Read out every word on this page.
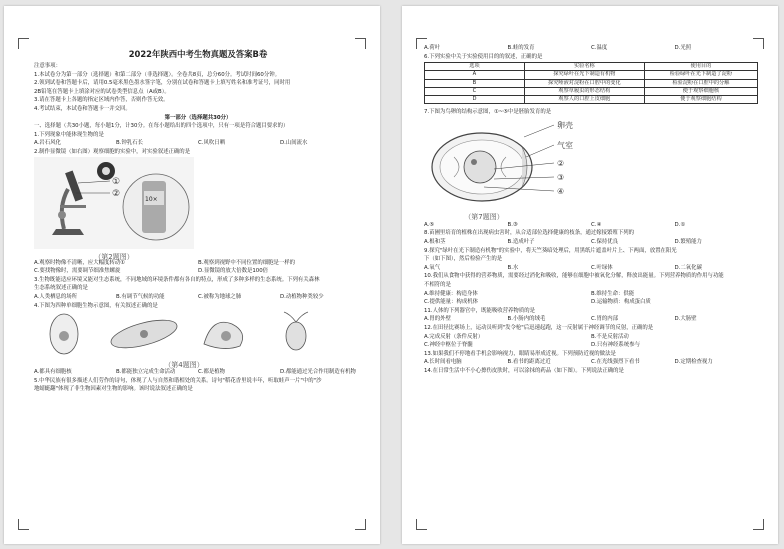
2022年陕西中考生物真题及答案B卷
注意事项：
1.本试卷分为第一部分（选择题）和第二部分（非选择题）。全卷共8页，总分60分。考试时间60分钟。
2.领到试卷和答题卡后，请用0.5毫米黑色墨水签字笔，分别在试卷和答题卡上填写姓名和准考证号，同时用
2B铅笔在答题卡上填涂对应的试卷类型信息点（A或B）。
3.请在答题卡上各题的指定区域内作答，否则作答无效。
4.考试结束，本试卷和答题卡一并交回。
第一部分（选择题共30分）
一、选择题（共30小题，每小题1分，计30分。在每小题给出的四个选项中，只有一项是符合题目要求的）
1.下列现象中能体现生物的是
A.岩石风化	B.钟乳石长	C.风吹日晒	D.山间流水
2.制作显微镜（如右图）观察细胞的实验中，对实验叙述正确的是
①
②
10×
（第2题图）
A.观察时物像不清晰，应大幅度转动①	B.观察到视野中不同位置的细胞是一样的
C.要找物像时，需要调节细准焦螺旋	D.显微镜的放大倍数是100倍
3.生物既能适应环境又能对生态系统，不同地域的环境条件都有各自的特点，形成了多种多样的生态系统。下列有关森林
生态系统叙述正确的是
A.人类栖息的场所	B.有调节气候的功能	C.被称为地球之肺	D.动植物种类较少
4.下图为四种单细胞生物示意图，有关叙述正确的是
（第4题图）
A.都具有细胞核	B.都能独立完成生命活动	C.都是植物	D.都能通过光合作用制造有机物
5.中华民族有很多描述人们劳作的诗句，体现了人与自然和谐相处的关系。诗句"稻花香里说丰年，听取蛙声一片"中的"沙
地蜻蜓翻"体现了非生物因素对生物的影响。该时说法叙述正确的是
A.荷叶	B.蛙的发育	C.温度	D.光照
6.下列实验中关于实验使用目的的叙述，正确的是
选项	实验名称	使用目的
A	探究绿叶在光下制造有机物	检验绿叶在光下制造了淀粉
B	探究唾液对淀粉在口腔中的变化	检验淀粉在口腔中的分解
C	观察草履虫的形态结构	便于观察细胞核
D	观察人的口腔上皮细胞	便于观察细胞结构
7.下图为鸟卵的结构示意图，①~⑤中是胚胎发育的是
卵壳
气室
②
③
④
（第7题图）
A.⑤	B.③	C.④	D.①
8.苗圃里培育的植株在出现病虫害时，从合适部位选择健康的枝条，通过嫁接繁殖下列的
A.根和茎	B.造成叶子	C.保持优良	D.繁殖能力
9.探究"绿叶在光下制造有机物"的实验中，将天竺葵暗处理后，用黑纸片遮盖叶片上、下两面，放置在阳光
下（如下图），然后检验产生的是
A.氧气	B.水	C.叶绿体	D.二氧化碳
10.我们从食物中获得的营养物质，需要经过消化和吸收，能够在细胞中被氧化分解，释放出能量。下列营养物质的作用与功能
不相符的是
A.维持健康：构造身体	B.维持生命：供能
C.提供能量：构成机体	D.运输物质：构成蛋白质
11.人体的下列器官中，既能吸收营养物质的是
A.胃的外壁	B.小肠内的绒毛	C.胃的内部	D.大肠壁
12.在田径比赛场上，运动员听到"发令枪"后迅速起跑，这一反射属于神经调节的反射，正确的是
A.完成反射（条件反射）	B.不是反射活动
C.神经中枢位于脊髓	D.只有神经系统参与
13.如果我们不停地看手机会影响视力，眼睛易形成近视。下列预防近视的做法是
A.长时间看电脑	B.看书的距离过近	C.在光线强烈下看书	D.定期检查视力
14.在日常生活中不小心擦伤皮肤时，可以涂抹的药品（如下图）。下列说法正确的是
